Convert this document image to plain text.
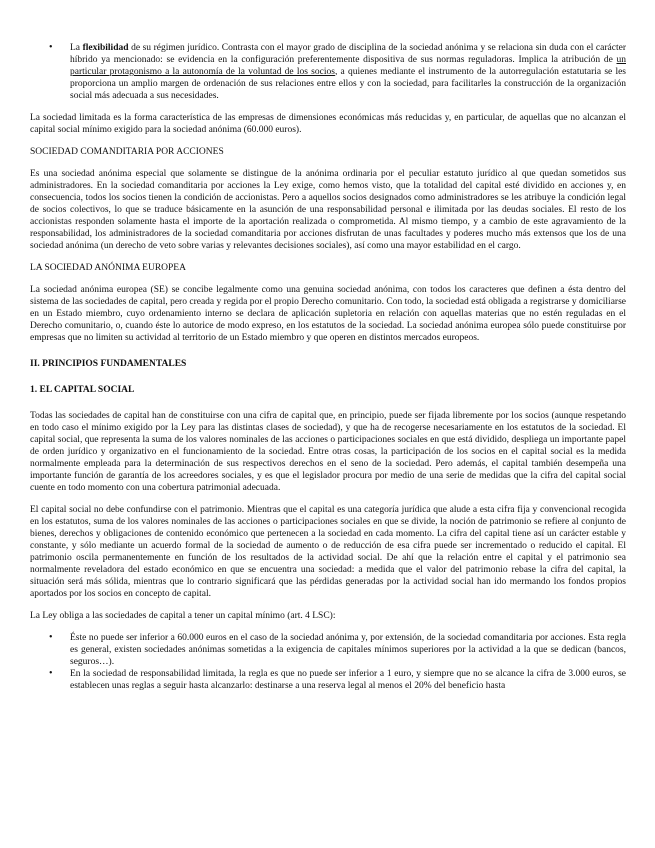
• La flexibilidad de su régimen jurídico. Contrasta con el mayor grado de disciplina de la sociedad anónima y se relaciona sin duda con el carácter híbrido ya mencionado: se evidencia en la configuración preferentemente dispositiva de sus normas reguladoras. Implica la atribución de un particular protagonismo a la autonomía de la voluntad de los socios, a quienes mediante el instrumento de la autorregulación estatutaria se les proporciona un amplio margen de ordenación de sus relaciones entre ellos y con la sociedad, para facilitarles la construcción de la organización social más adecuada a sus necesidades.

La sociedad limitada es la forma característica de las empresas de dimensiones económicas más reducidas y, en particular, de aquellas que no alcanzan el capital social mínimo exigido para la sociedad anónima (60.000 euros).

SOCIEDAD COMANDITARIA POR ACCIONES

Es una sociedad anónima especial que solamente se distingue de la anónima ordinaria por el peculiar estatuto jurídico al que quedan sometidos sus administradores. En la sociedad comanditaria por acciones la Ley exige, como hemos visto, que la totalidad del capital esté dividido en acciones y, en consecuencia, todos los socios tienen la condición de accionistas. Pero a aquellos socios designados como administradores se les atribuye la condición legal de socios colectivos, lo que se traduce básicamente en la asunción de una responsabilidad personal e ilimitada por las deudas sociales. El resto de los accionistas responden solamente hasta el importe de la aportación realizada o comprometida. Al mismo tiempo, y a cambio de este agravamiento de la responsabilidad, los administradores de la sociedad comanditaria por acciones disfrutan de unas facultades y poderes mucho más extensos que los de una sociedad anónima (un derecho de veto sobre varias y relevantes decisiones sociales), así como una mayor estabilidad en el cargo.

LA SOCIEDAD ANÓNIMA EUROPEA

La sociedad anónima europea (SE) se concibe legalmente como una genuina sociedad anónima, con todos los caracteres que definen a ésta dentro del sistema de las sociedades de capital, pero creada y regida por el propio Derecho comunitario. Con todo, la sociedad está obligada a registrarse y domiciliarse en un Estado miembro, cuyo ordenamiento interno se declara de aplicación supletoria en relación con aquellas materias que no estén reguladas en el Derecho comunitario, o, cuando éste lo autorice de modo expreso, en los estatutos de la sociedad. La sociedad anónima europea sólo puede constituirse por empresas que no limiten su actividad al territorio de un Estado miembro y que operen en distintos mercados europeos.

II. PRINCIPIOS FUNDAMENTALES

1. EL CAPITAL SOCIAL

Todas las sociedades de capital han de constituirse con una cifra de capital que, en principio, puede ser fijada libremente por los socios (aunque respetando en todo caso el mínimo exigido por la Ley para las distintas clases de sociedad), y que ha de recogerse necesariamente en los estatutos de la sociedad. El capital social, que representa la suma de los valores nominales de las acciones o participaciones sociales en que está dividido, despliega un importante papel de orden jurídico y organizativo en el funcionamiento de la sociedad. Entre otras cosas, la participación de los socios en el capital social es la medida normalmente empleada para la determinación de sus respectivos derechos en el seno de la sociedad. Pero además, el capital también desempeña una importante función de garantía de los acreedores sociales, y es que el legislador procura por medio de una serie de medidas que la cifra del capital social cuente en todo momento con una cobertura patrimonial adecuada.

El capital social no debe confundirse con el patrimonio. Mientras que el capital es una categoría jurídica que alude a esta cifra fija y convencional recogida en los estatutos, suma de los valores nominales de las acciones o participaciones sociales en que se divide, la noción de patrimonio se refiere al conjunto de bienes, derechos y obligaciones de contenido económico que pertenecen a la sociedad en cada momento. La cifra del capital tiene así un carácter estable y constante, y sólo mediante un acuerdo formal de la sociedad de aumento o de reducción de esa cifra puede ser incrementado o reducido el capital. El patrimonio oscila permanentemente en función de los resultados de la actividad social. De ahí que la relación entre el capital y el patrimonio sea normalmente reveladora del estado económico en que se encuentra una sociedad: a medida que el valor del patrimonio rebase la cifra del capital, la situación será más sólida, mientras que lo contrario significará que las pérdidas generadas por la actividad social han ido mermando los fondos propios aportados por los socios en concepto de capital.

La Ley obliga a las sociedades de capital a tener un capital mínimo (art. 4 LSC):

• Éste no puede ser inferior a 60.000 euros en el caso de la sociedad anónima y, por extensión, de la sociedad comanditaria por acciones. Esta regla es general, existen sociedades anónimas sometidas a la exigencia de capitales mínimos superiores por la actividad a la que se dedican (bancos, seguros…).
• En la sociedad de responsabilidad limitada, la regla es que no puede ser inferior a 1 euro, y siempre que no se alcance la cifra de 3.000 euros, se establecen unas reglas a seguir hasta alcanzarlo: destinarse a una reserva legal al menos el 20% del beneficio hasta
